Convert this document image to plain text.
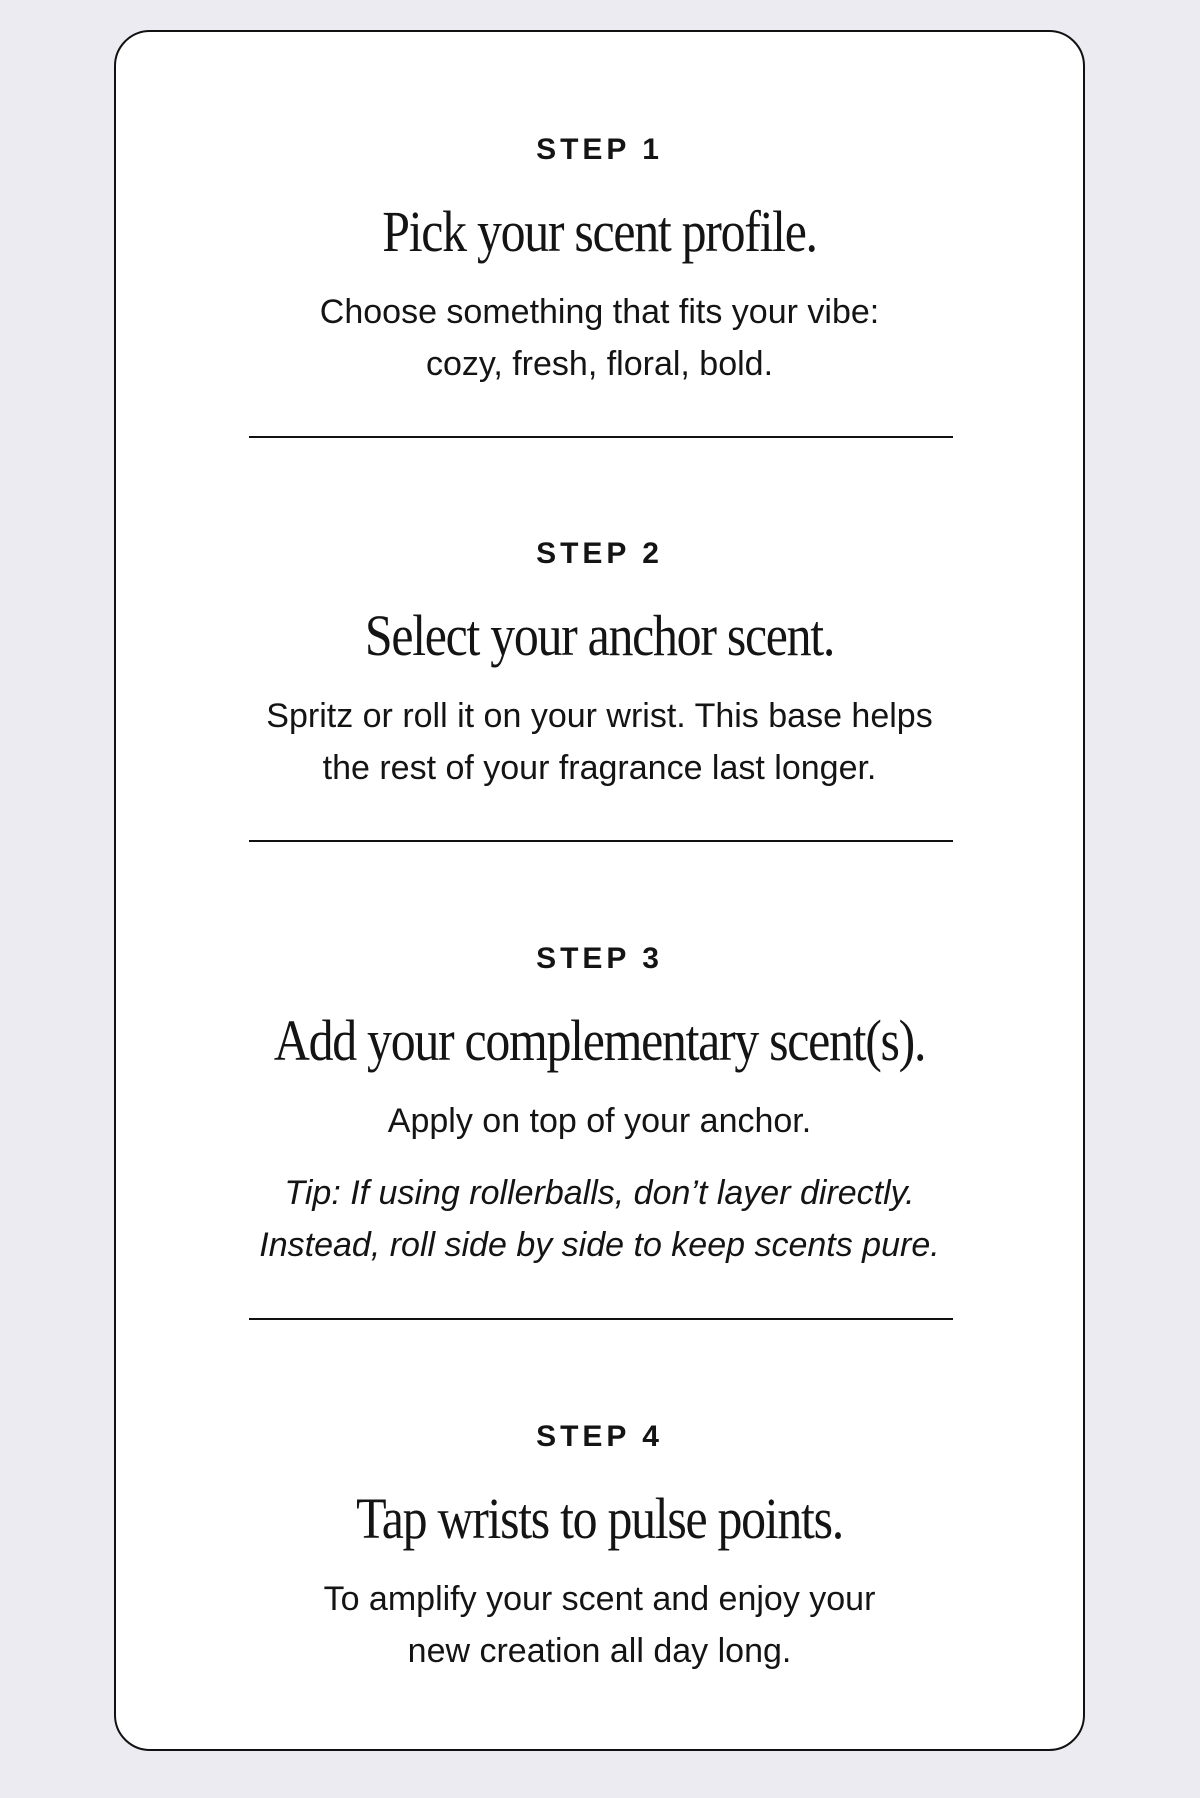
STEP 1
Pick your scent profile.
Choose something that fits your vibe:
cozy, fresh, floral, bold.
STEP 2
Select your anchor scent.
Spritz or roll it on your wrist. This base helps
the rest of your fragrance last longer.
STEP 3
Add your complementary scent(s).
Apply on top of your anchor.
Tip: If using rollerballs, don’t layer directly.
Instead, roll side by side to keep scents pure.
STEP 4
Tap wrists to pulse points.
To amplify your scent and enjoy your
new creation all day long.
